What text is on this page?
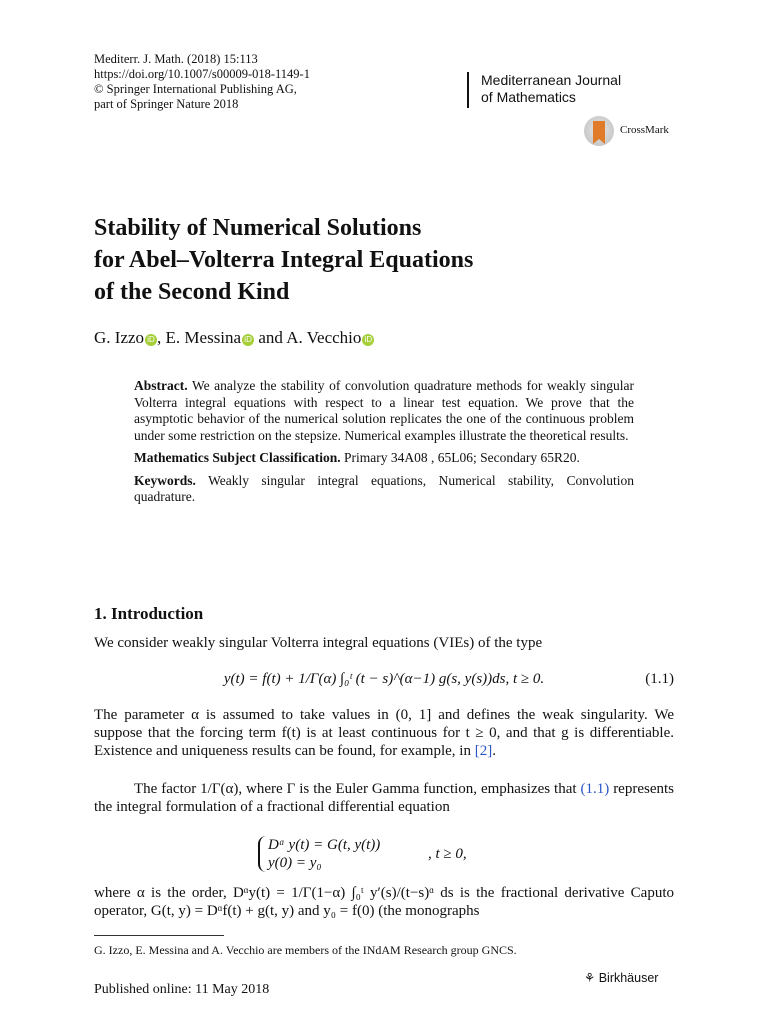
Mediterr. J. Math. (2018) 15:113
https://doi.org/10.1007/s00009-018-1149-1
© Springer International Publishing AG,
part of Springer Nature 2018
Mediterranean Journal
of Mathematics
CrossMark
Stability of Numerical Solutions
for Abel–Volterra Integral Equations
of the Second Kind
G. Izzo iD , E. Messina iD and A. Vecchio iD

Abstract. We analyze the stability of convolution quadrature methods for weakly singular Volterra integral equations with respect to a linear test equation. We prove that the asymptotic behavior of the numerical solution replicates the one of the continuous problem under some restriction on the stepsize. Numerical examples illustrate the theoretical results.

Mathematics Subject Classification. Primary 34A08 , 65L06; Secondary 65R20.

Keywords. Weakly singular integral equations, Numerical stability, Convolution quadrature.

1. Introduction
We consider weakly singular Volterra integral equations (VIEs) of the type
y(t) = f(t) + 1/Γ(α) ∫₀ᵗ (t − s)^(α−1) g(s, y(s))ds, t ≥ 0.	(1.1)
The parameter α is assumed to take values in (0, 1] and defines the weak singularity. We suppose that the forcing term f(t) is at least continuous for t ≥ 0, and that g is differentiable. Existence and uniqueness results can be found, for example, in [2].
The factor 1/Γ(α), where Γ is the Euler Gamma function, emphasizes that (1.1) represents the integral formulation of a fractional differential equation
Dᵅ y(t) = G(t, y(t))
y(0) = y₀
, t ≥ 0,
where α is the order, Dᵅy(t) = 1/Γ(1−α) ∫₀ᵗ y′(s)/(t−s)ᵅ ds is the fractional derivative Caputo operator, G(t, y) = Dᵅf(t) + g(t, y) and y₀ = f(0) (the monographs
G. Izzo, E. Messina and A. Vecchio are members of the INdAM Research group GNCS.
Published online: 11 May 2018
⚘ Birkhäuser
